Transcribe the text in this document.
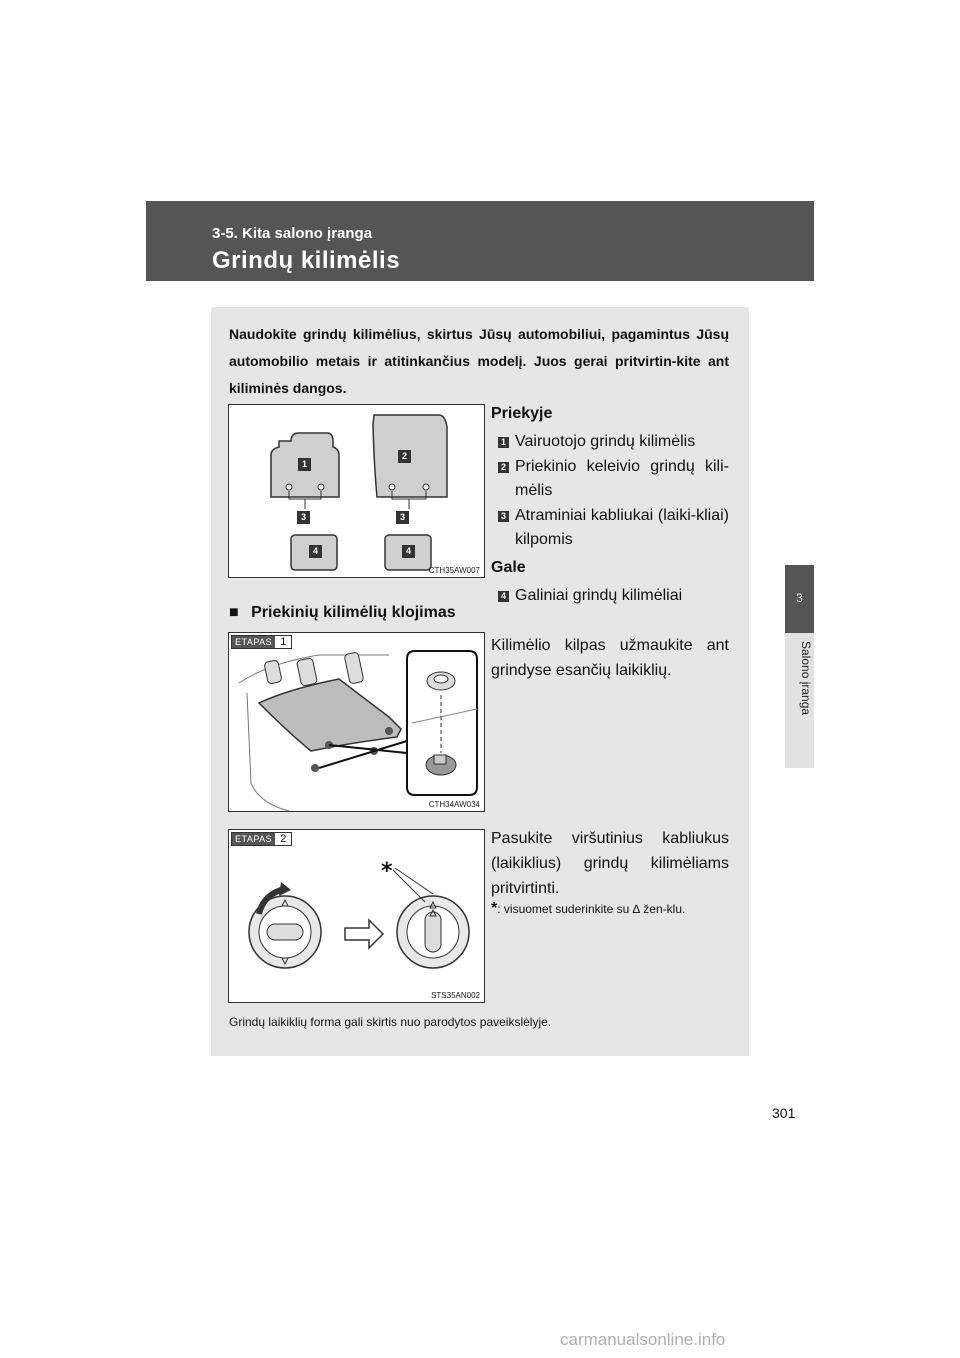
3-5. Kita salono įranga
Grindų kilimėlis
3
Salono įranga
Naudokite grindų kilimėlius, skirtus Jūsų automobiliui, pagamintus Jūsų automobilio metais ir atitinkančius modelį. Juos gerai pritvirtin-kite ant kiliminės dangos.
1
2
3	3
4	4
CTH35AW007
Priekyje
1 Vairuotojo grindų kilimėlis
2 Priekinio keleivio grindų kili-mėlis
3 Atraminiai kabliukai (laiki-kliai) kilpomis
Gale
4 Galiniai grindų kilimėliai
■ Priekinių kilimėlių klojimas
ETAPAS 1
CTH34AW034
Kilimėlio kilpas užmaukite ant grindyse esančių laikiklių.
*
ETAPAS 2
STS35AN002
Pasukite viršutinius kabliukus (laikiklius) grindų kilimėliams pritvirtinti.
*: visuomet suderinkite su ∆ žen-klu.
Grindų laikiklių forma gali skirtis nuo parodytos paveikslėlyje.
301
carmanualsonline.info
